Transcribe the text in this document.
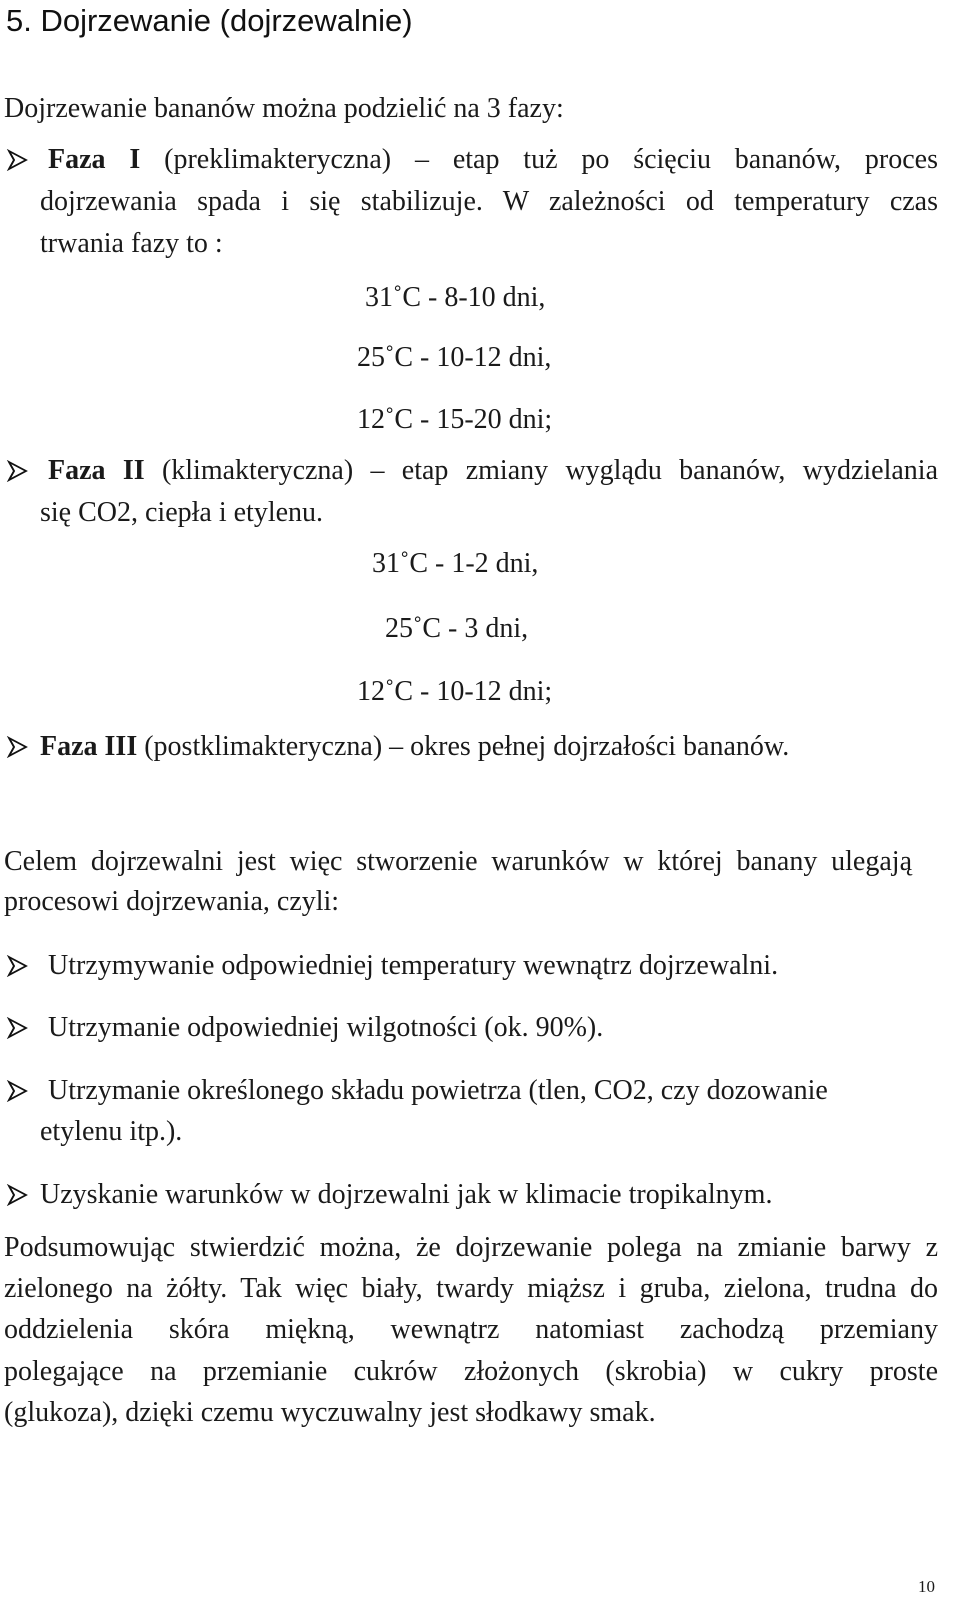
5. Dojrzewanie (dojrzewalnie)
Dojrzewanie bananów można podzielić na 3 fazy:
Faza I (preklimakteryczna) – etap tuż po ścięciu bananów, proces
dojrzewania spada i się stabilizuje. W zależności od temperatury czas
trwania fazy to :
31˚C - 8-10 dni,
25˚C - 10-12 dni,
12˚C - 15-20 dni;
Faza II (klimakteryczna) – etap zmiany wyglądu bananów, wydzielania
się CO2, ciepła i etylenu.
31˚C - 1-2 dni,
25˚C - 3 dni,
12˚C - 10-12 dni;
Faza III (postklimakteryczna) – okres pełnej dojrzałości bananów.
Celem dojrzewalni jest więc stworzenie warunków w której banany ulegają
procesowi dojrzewania, czyli:
Utrzymywanie odpowiedniej temperatury wewnątrz dojrzewalni.
Utrzymanie odpowiedniej wilgotności (ok. 90%).
Utrzymanie określonego składu powietrza (tlen, CO2, czy dozowanie
etylenu itp.).
Uzyskanie warunków w dojrzewalni jak w klimacie tropikalnym.
Podsumowując stwierdzić można, że dojrzewanie polega na zmianie barwy z
zielonego na żółty. Tak więc biały, twardy miąższ i gruba, zielona, trudna do
oddzielenia skóra miękną, wewnątrz natomiast zachodzą przemiany
polegające na przemianie cukrów złożonych (skrobia) w cukry proste
(glukoza), dzięki czemu wyczuwalny jest słodkawy smak.
10
